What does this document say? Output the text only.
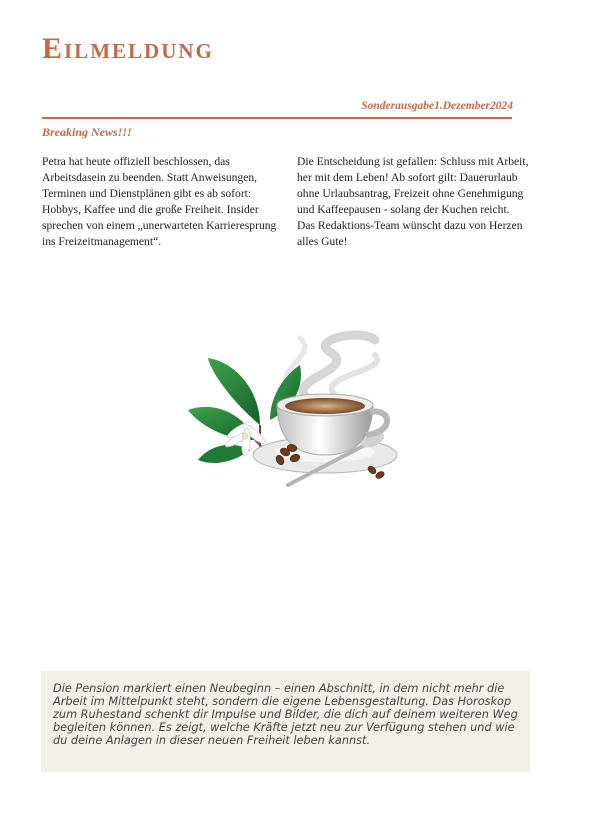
Eilmeldung
Sonderausgabe1.Dezember2024
Breaking News!!!

Petra hat heute offiziell beschlossen, das Arbeitsdasein zu beenden. Statt Anweisungen, Terminen und Dienstplänen gibt es ab sofort: Hobbys, Kaffee und die große Freiheit. Insider sprechen von einem „unerwarteten Karrieresprung ins Freizeitmanagement“.

Die Entscheidung ist gefallen: Schluss mit Arbeit, her mit dem Leben! Ab sofort gilt: Dauerurlaub ohne Urlaubsantrag, Freizeit ohne Genehmigung und Kaffeepausen - solang der Kuchen reicht. Das Redaktions-Team wünscht dazu von Herzen alles Gute!

Die Pension markiert einen Neubeginn – einen Abschnitt, in dem nicht mehr die Arbeit im Mittelpunkt steht, sondern die eigene Lebensgestaltung. Das Horoskop zum Ruhestand schenkt dir Impulse und Bilder, die dich auf deinem weiteren Weg begleiten können. Es zeigt, welche Kräfte jetzt neu zur Verfügung stehen und wie du deine Anlagen in dieser neuen Freiheit leben kannst.
